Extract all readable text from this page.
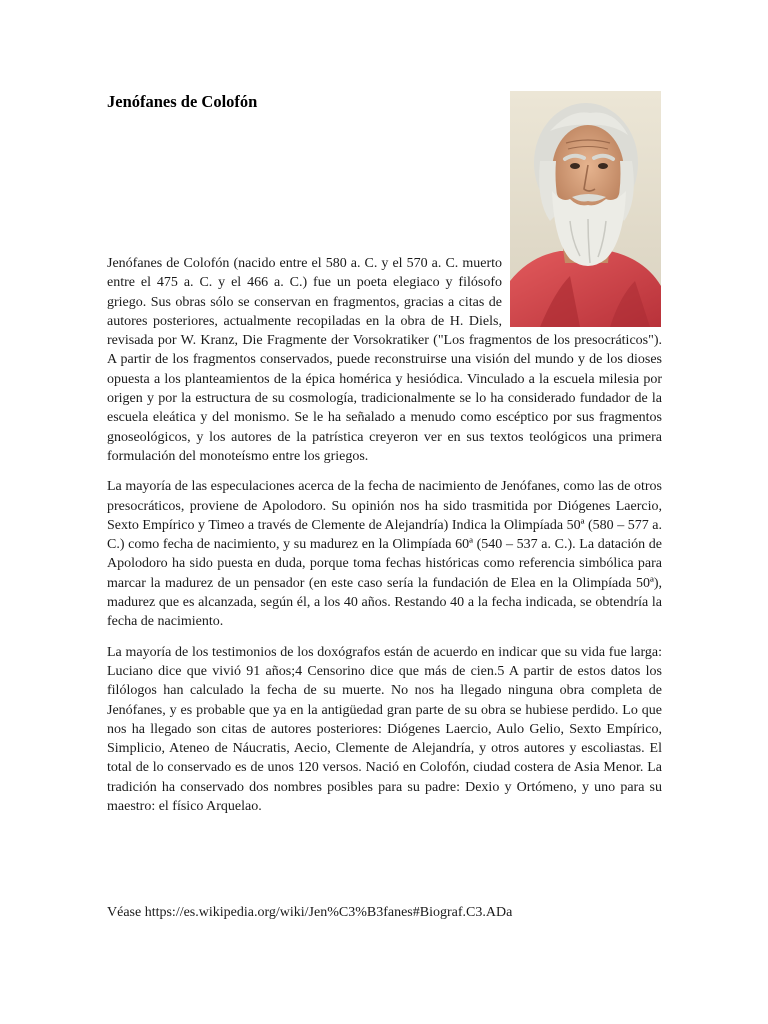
Jenófanes de Colofón

Jenófanes de Colofón (nacido entre el 580 a. C. y el 570 a. C. muerto entre el 475 a. C. y el 466 a. C.) fue un poeta elegiaco y filósofo griego. Sus obras sólo se conservan en fragmentos, gracias a citas de autores posteriores, actualmente recopiladas en la obra de H. Diels, revisada por W. Kranz, Die Fragmente der Vorsokratiker ("Los fragmentos de los presocráticos"). A partir de los fragmentos conservados, puede reconstruirse una visión del mundo y de los dioses opuesta a los planteamientos de la épica homérica y hesiódica. Vinculado a la escuela milesia por origen y por la estructura de su cosmología, tradicionalmente se lo ha considerado fundador de la escuela eleática y del monismo. Se le ha señalado a menudo como escéptico por sus fragmentos gnoseológicos, y los autores de la patrística creyeron ver en sus textos teológicos una primera formulación del monoteísmo entre los griegos.

La mayoría de las especulaciones acerca de la fecha de nacimiento de Jenófanes, como las de otros presocráticos, proviene de Apolodoro. Su opinión nos ha sido trasmitida por Diógenes Laercio, Sexto Empírico y Timeo a través de Clemente de Alejandría) Indica la Olimpíada 50ª (580 – 577 a. C.) como fecha de nacimiento, y su madurez en la Olimpíada 60ª (540 – 537 a. C.). La datación de Apolodoro ha sido puesta en duda, porque toma fechas históricas como referencia simbólica para marcar la madurez de un pensador (en este caso sería la fundación de Elea en la Olimpíada 50ª), madurez que es alcanzada, según él, a los 40 años. Restando 40 a la fecha indicada, se obtendría la fecha de nacimiento.

La mayoría de los testimonios de los doxógrafos están de acuerdo en indicar que su vida fue larga: Luciano dice que vivió 91 años;4 Censorino dice que más de cien.5 A partir de estos datos los filólogos han calculado la fecha de su muerte. No nos ha llegado ninguna obra completa de Jenófanes, y es probable que ya en la antigüedad gran parte de su obra se hubiese perdido. Lo que nos ha llegado son citas de autores posteriores: Diógenes Laercio, Aulo Gelio, Sexto Empírico, Simplicio, Ateneo de Náucratis, Aecio, Clemente de Alejandría, y otros autores y escoliastas. El total de lo conservado es de unos 120 versos. Nació en Colofón, ciudad costera de Asia Menor. La tradición ha conservado dos nombres posibles para su padre: Dexio y Ortómeno, y uno para su maestro: el físico Arquelao.

Véase https://es.wikipedia.org/wiki/Jen%C3%B3fanes#Biograf.C3.ADa
